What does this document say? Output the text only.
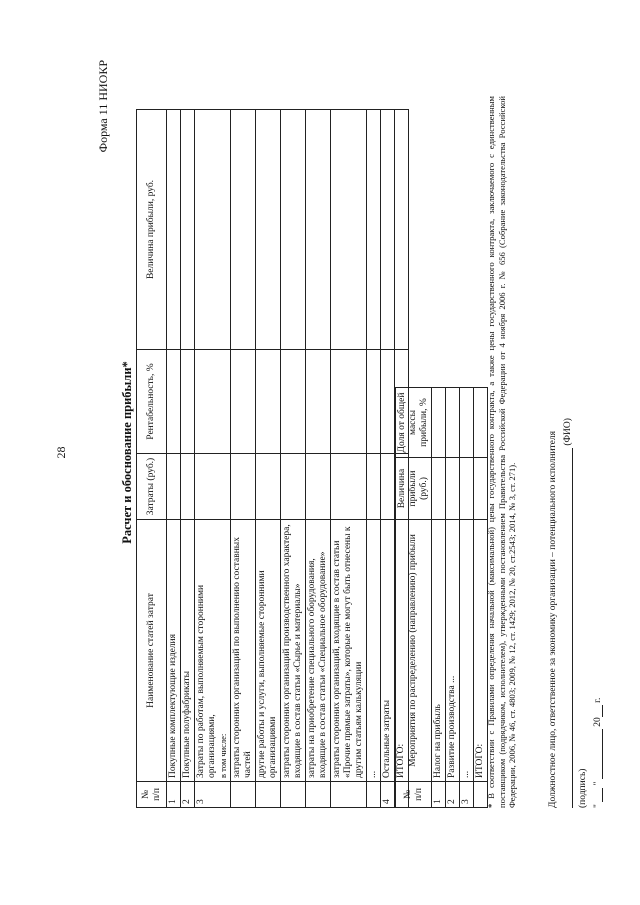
28
Форма 11 НИОКР
Расчет и обоснование прибыли*
№ п/п	Наименование статей затрат	Затраты (руб.)	Рентабельность, %	Величина прибыли, руб.
1	Покупные комплектующие изделия			
2	Покупные полуфабрикаты			
3	Затраты по работам, выполняемым сторонними организациями, в том числе:			

	затраты сторонних организаций по выполнению составных частей			
	другие работы и услуги, выполняемые сторонними организациями			
	затраты сторонних организаций производственного характера, входящие в состав статьи «Сырье и материалы»			
	затраты на приобретение специального оборудования, входящие в состав статьи «Специальное оборудование»			
	затраты сторонних организаций, входящие в состав статьи «Прочие прямые затраты», которые не могут быть отнесены к другим статьям калькуляции			
	...			
4	Остальные затраты			
	ИТОГО:			
№ п/п	Мероприятия по распределению (направлению) прибыли	Величина прибыли (руб.)	Доля от общей массы прибыли, %
1	Налог на прибыль		
2	Развитие производства ...		
3	...		
	ИТОГО:		
* В соответствии с Правилами определения начальной (максимальной) цены государственного контракта, а также цены государственного контракта, заключаемого с единственным поставщиком (подрядчиком, исполнителем), утвержденными постановлением Правительства Российской Федерации от 4 ноября 2006 г. № 656 (Собрание законодательства Российской Федерации, 2006, № 46, ст. 4803; 2009, № 12, ст. 1429; 2012, № 20, ст.2543; 2014, № 3, ст. 271).	Должностное лицо, ответственное за экономику организации – потенциального исполнителя (ФИО)
(подпись) "  "  20 г.
